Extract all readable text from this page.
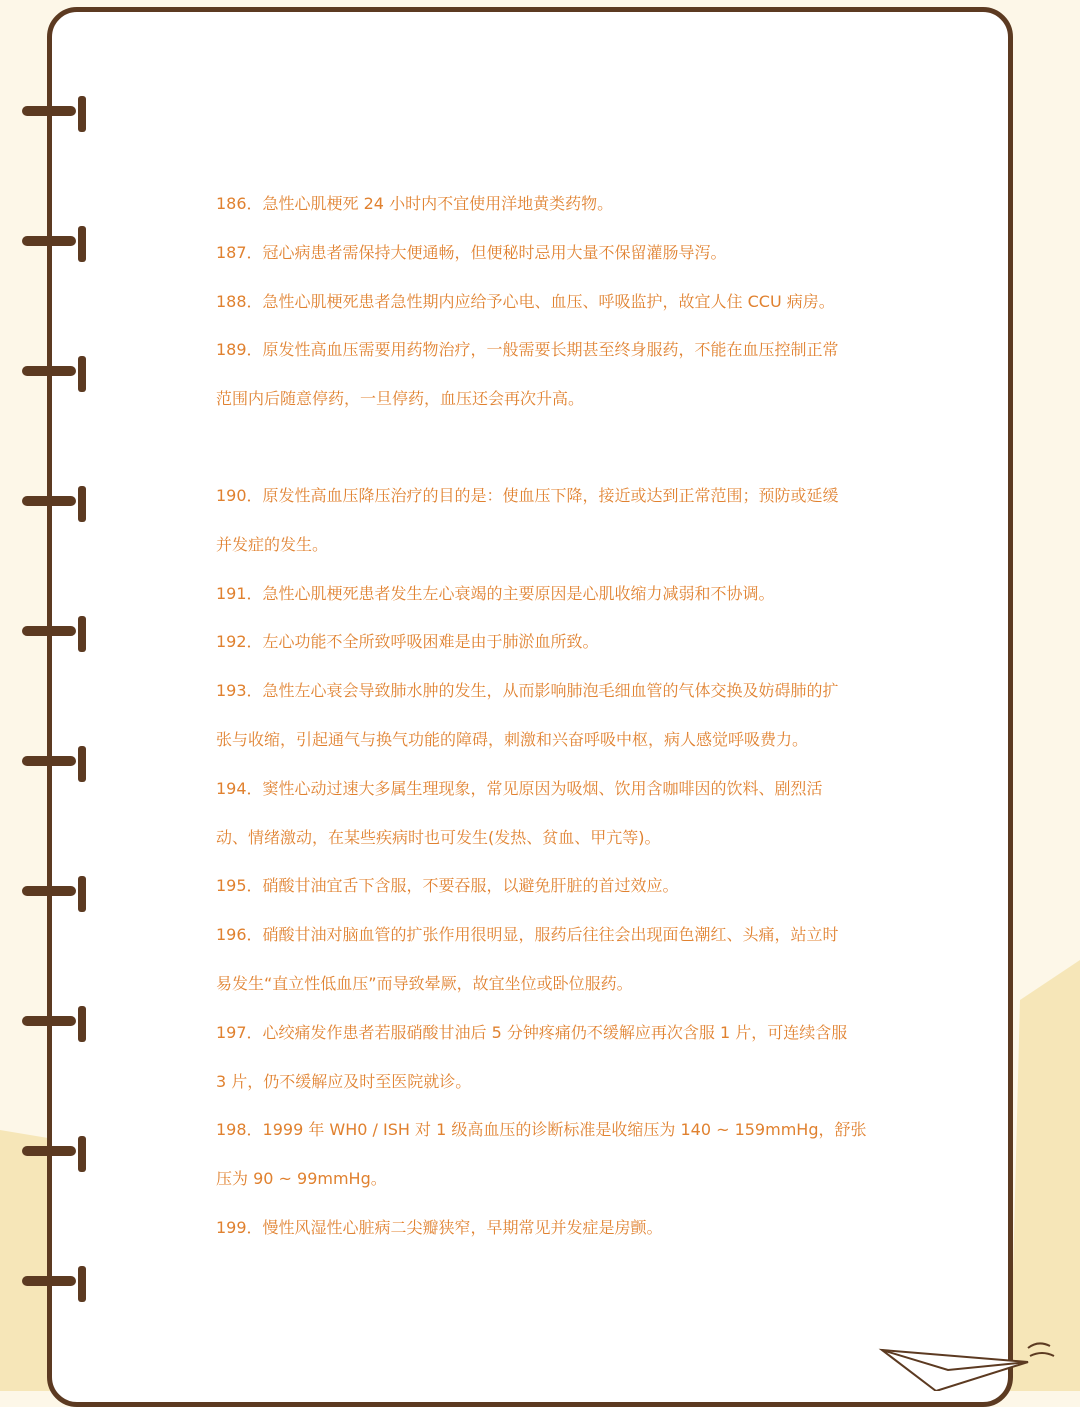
186．急性心肌梗死 24 小时内不宜使用洋地黄类药物。

187．冠心病患者需保持大便通畅，但便秘时忌用大量不保留灌肠导泻。

188．急性心肌梗死患者急性期内应给予心电、血压、呼吸监护，故宜人住 CCU 病房。

189．原发性高血压需要用药物治疗，一般需要长期甚至终身服药，不能在血压控制正常

范围内后随意停药，一旦停药，血压还会再次升高。

190．原发性高血压降压治疗的目的是：使血压下降，接近或达到正常范围；预防或延缓

并发症的发生。

191．急性心肌梗死患者发生左心衰竭的主要原因是心肌收缩力减弱和不协调。

192．左心功能不全所致呼吸困难是由于肺淤血所致。

193．急性左心衰会导致肺水肿的发生，从而影响肺泡毛细血管的气体交换及妨碍肺的扩

张与收缩，引起通气与换气功能的障碍，刺激和兴奋呼吸中枢，病人感觉呼吸费力。

194．窦性心动过速大多属生理现象，常见原因为吸烟、饮用含咖啡因的饮料、剧烈活

动、情绪激动，在某些疾病时也可发生(发热、贫血、甲亢等)。

195．硝酸甘油宜舌下含服，不要吞服，以避免肝脏的首过效应。

196．硝酸甘油对脑血管的扩张作用很明显，服药后往往会出现面色潮红、头痛，站立时

易发生“直立性低血压”而导致晕厥，故宜坐位或卧位服药。

197．心绞痛发作患者若服硝酸甘油后 5 分钟疼痛仍不缓解应再次含服 1 片，可连续含服

3 片，仍不缓解应及时至医院就诊。

198．1999 年 WH0 / ISH 对 1 级高血压的诊断标准是收缩压为 140 ~ 159mmHg，舒张

压为 90 ~ 99mmHg。

199．慢性风湿性心脏病二尖瓣狭窄，早期常见并发症是房颤。
